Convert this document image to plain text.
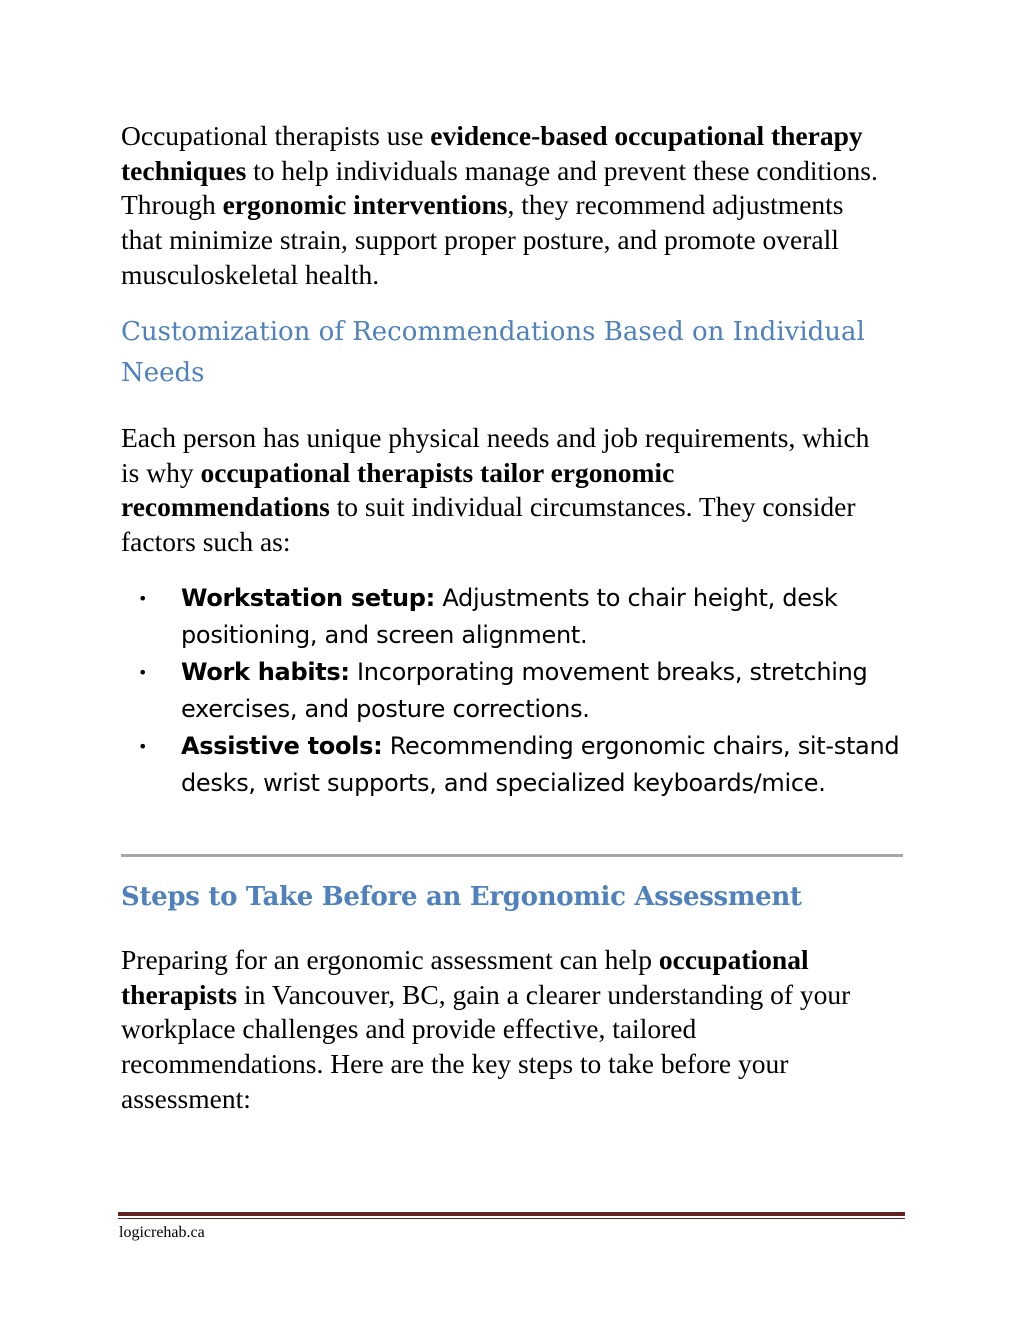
Occupational therapists use evidence-based occupational therapy techniques to help individuals manage and prevent these conditions. Through ergonomic interventions, they recommend adjustments that minimize strain, support proper posture, and promote overall musculoskeletal health.

Customization of Recommendations Based on Individual Needs

Each person has unique physical needs and job requirements, which is why occupational therapists tailor ergonomic recommendations to suit individual circumstances. They consider factors such as:

• Workstation setup: Adjustments to chair height, desk positioning, and screen alignment.
• Work habits: Incorporating movement breaks, stretching exercises, and posture corrections.
• Assistive tools: Recommending ergonomic chairs, sit-stand desks, wrist supports, and specialized keyboards/mice.
Steps to Take Before an Ergonomic Assessment

Preparing for an ergonomic assessment can help occupational therapists in Vancouver, BC, gain a clearer understanding of your workplace challenges and provide effective, tailored recommendations. Here are the key steps to take before your assessment:

logicrehab.ca
